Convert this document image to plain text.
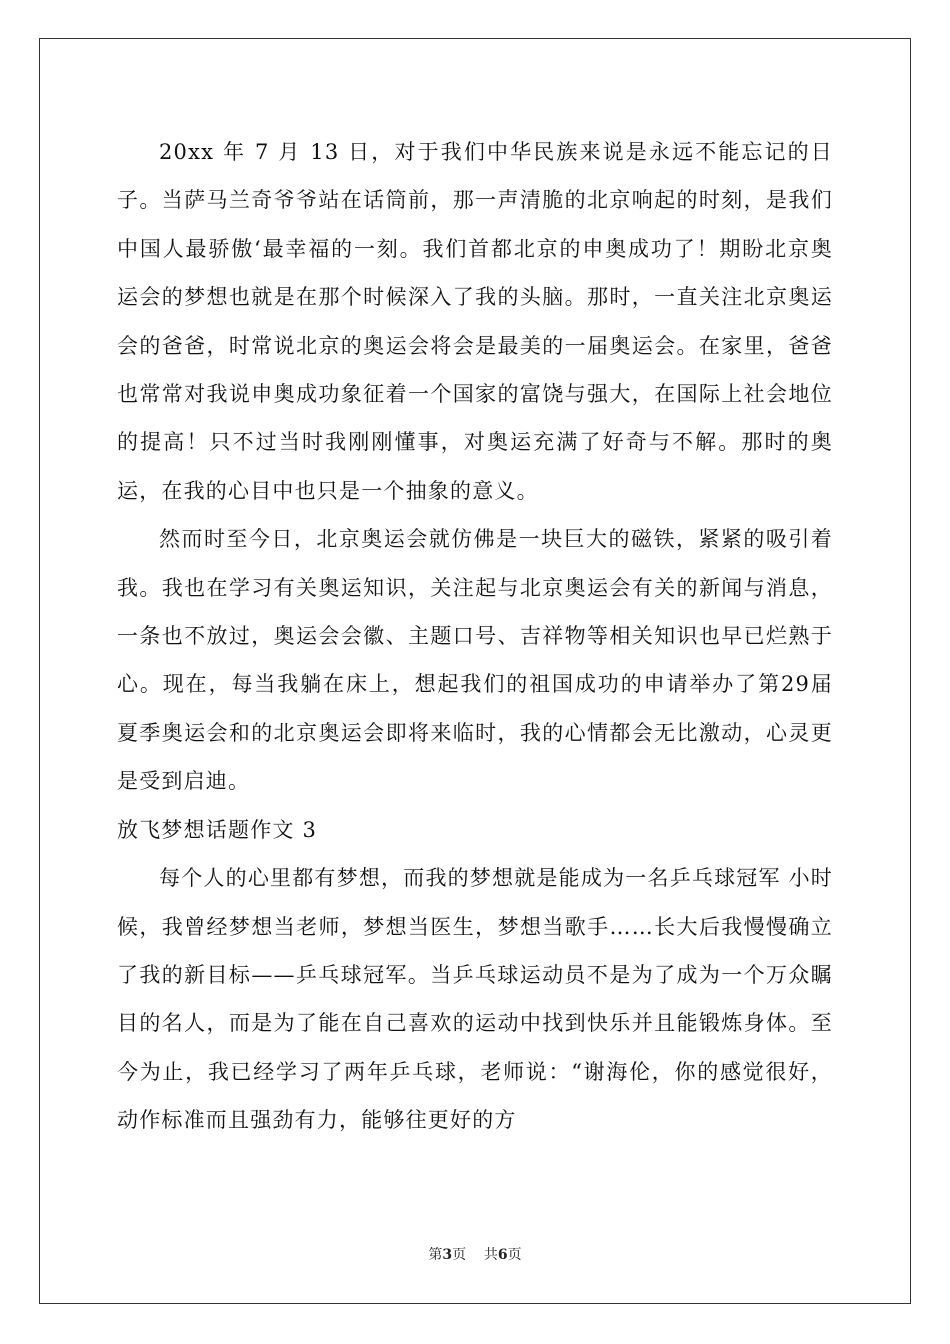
20xx 年 7 月 13 日，对于我们中华民族来说是永远不能忘记的日子。当萨马兰奇爷爷站在话筒前，那一声清脆的北京响起的时刻，是我们中国人最骄傲‘最幸福的一刻。我们首都北京的申奥成功了！期盼北京奥运会的梦想也就是在那个时候深入了我的头脑。那时，一直关注北京奥运会的爸爸，时常说北京的奥运会将会是最美的一届奥运会。在家里，爸爸也常常对我说申奥成功象征着一个国家的富饶与强大，在国际上社会地位的提高！只不过当时我刚刚懂事，对奥运充满了好奇与不解。那时的奥运，在我的心目中也只是一个抽象的意义。

然而时至今日，北京奥运会就仿佛是一块巨大的磁铁，紧紧的吸引着我。我也在学习有关奥运知识，关注起与北京奥运会有关的新闻与消息，一条也不放过，奥运会会徽、主题口号、吉祥物等相关知识也早已烂熟于心。现在，每当我躺在床上，想起我们的祖国成功的申请举办了第29届夏季奥运会和的北京奥运会即将来临时，我的心情都会无比激动，心灵更是受到启迪。

放飞梦想话题作文 3

每个人的心里都有梦想，而我的梦想就是能成为一名乒乓球冠军 小时候，我曾经梦想当老师，梦想当医生，梦想当歌手……长大后我慢慢确立了我的新目标——乒乓球冠军。当乒乓球运动员不是为了成为一个万众瞩目的名人，而是为了能在自己喜欢的运动中找到快乐并且能锻炼身体。至今为止，我已经学习了两年乒乓球，老师说：“谢海伦，你的感觉很好，动作标准而且强劲有力，能够往更好的方

第3页 共6页
